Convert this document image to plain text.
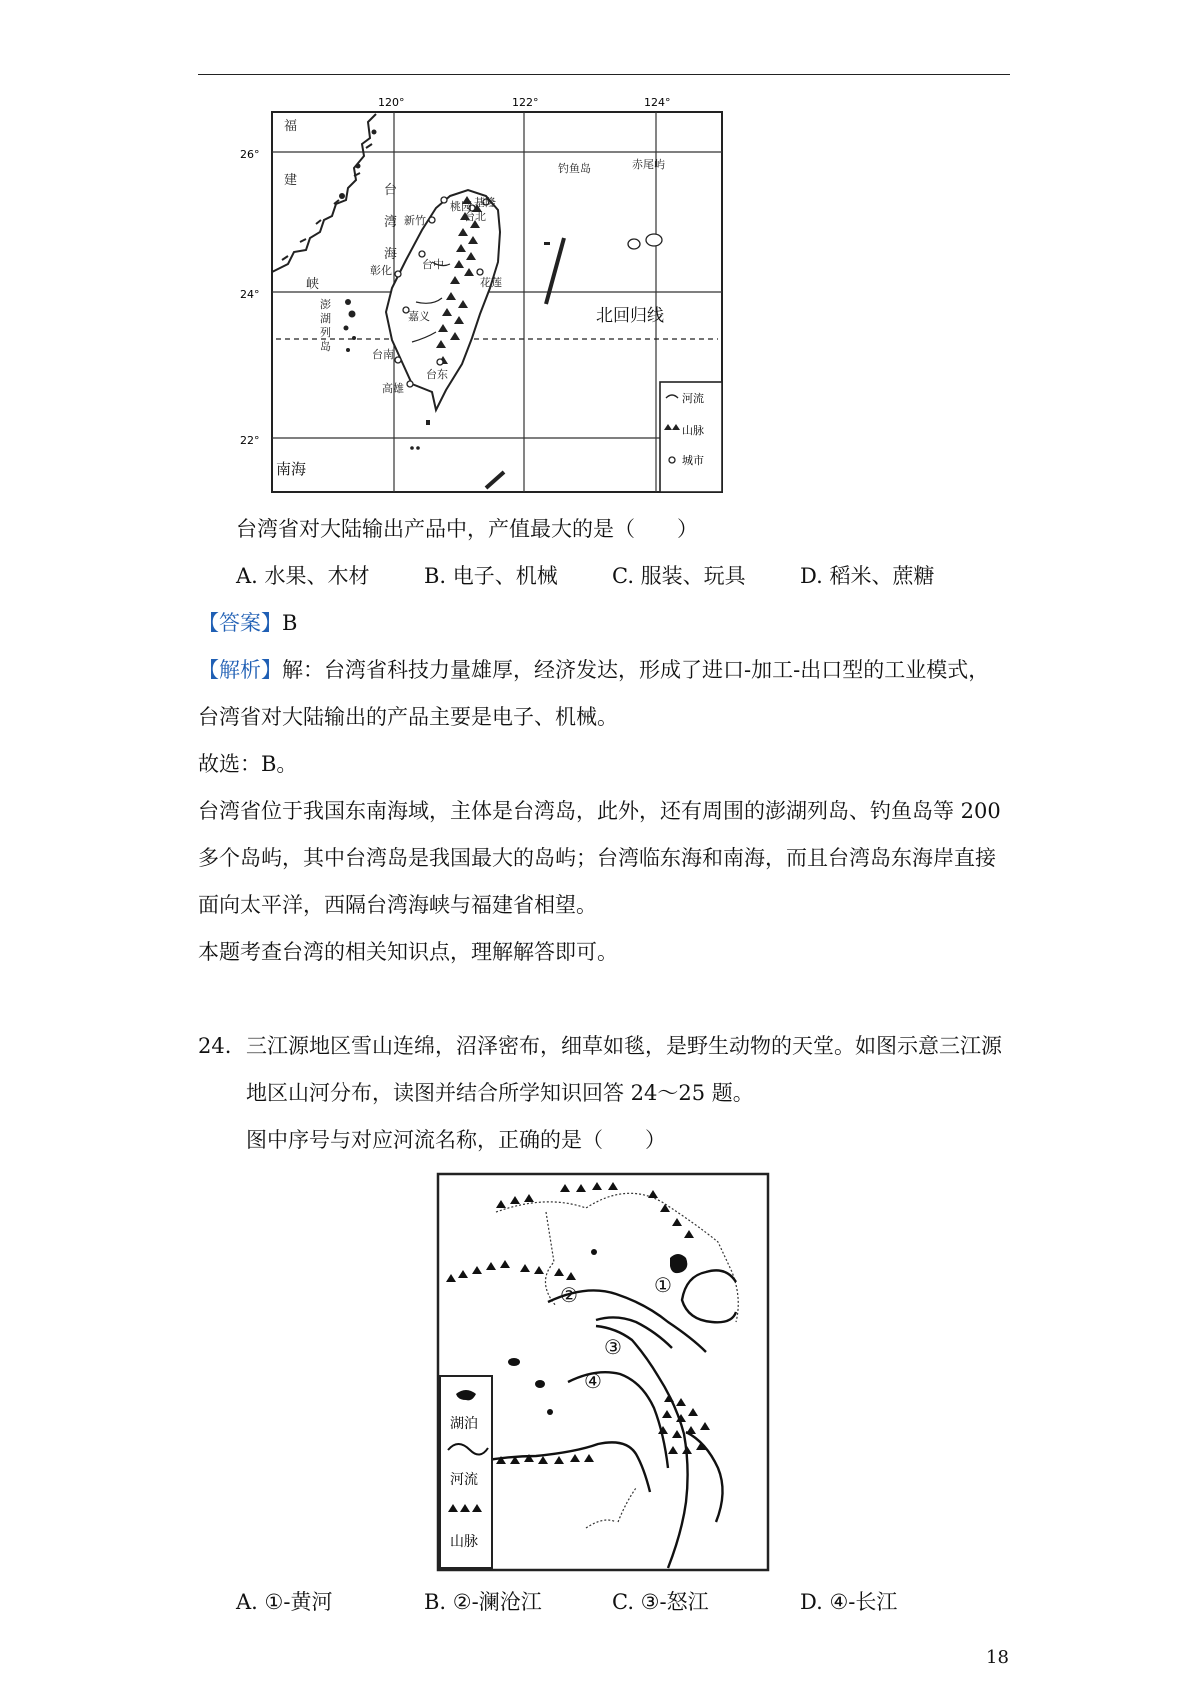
120°	122°	124°
26°
24°
22°
福
建
台
湾
海
峡
澎
湖
列
岛
钓鱼岛	赤尾屿
桃园 基隆
台北
新竹
台中
彰化
花莲
嘉义
台南
台东
高雄
北回归线
南海
河流
山脉
城市
台湾省对大陆输出产品中，产值最大的是（　　）
A. 水果、木材	B. 电子、机械	C. 服装、玩具	D. 稻米、蔗糖
【答案】B
【解析】解：台湾省科技力量雄厚，经济发达，形成了进口-加工-出口型的工业模式，
台湾省对大陆输出的产品主要是电子、机械。
故选：B。
台湾省位于我国东南海域，主体是台湾岛，此外，还有周围的澎湖列岛、钓鱼岛等 200
多个岛屿，其中台湾岛是我国最大的岛屿；台湾临东海和南海，而且台湾岛东海岸直接
面向太平洋，西隔台湾海峡与福建省相望。
本题考查台湾的相关知识点，理解解答即可。
24. 三江源地区雪山连绵，沼泽密布，细草如毯，是野生动物的天堂。如图示意三江源
地区山河分布，读图并结合所学知识回答 24～25 题。
图中序号与对应河流名称，正确的是（　　）
①
②
③
④
湖泊
河流
山脉
A. ①-黄河	B. ②-澜沧江	C. ③-怒江	D. ④-长江
18
